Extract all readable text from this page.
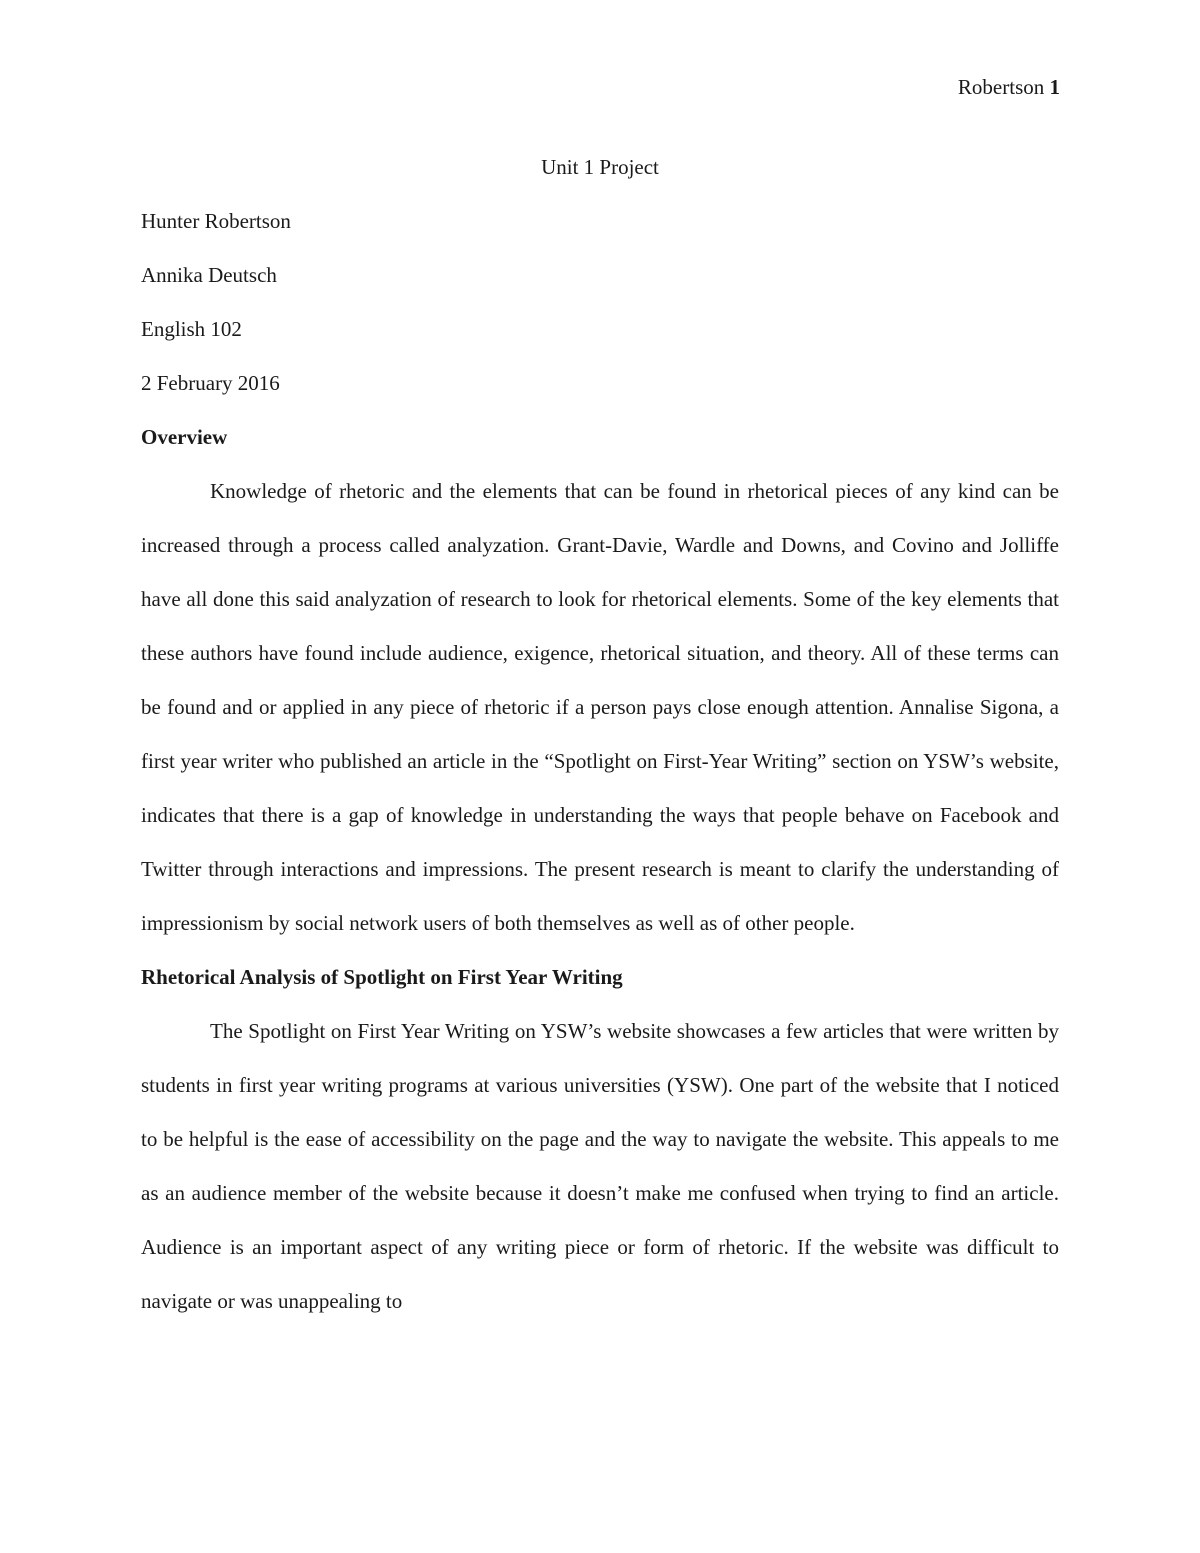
Robertson 1
Unit 1 Project
Hunter Robertson
Annika Deutsch
English 102
2 February 2016
Overview

Knowledge of rhetoric and the elements that can be found in rhetorical pieces of any kind can be increased through a process called analyzation. Grant-Davie, Wardle and Downs, and Covino and Jolliffe have all done this said analyzation of research to look for rhetorical elements. Some of the key elements that these authors have found include audience, exigence, rhetorical situation, and theory. All of these terms can be found and or applied in any piece of rhetoric if a person pays close enough attention. Annalise Sigona, a first year writer who published an article in the “Spotlight on First-Year Writing” section on YSW’s website, indicates that there is a gap of knowledge in understanding the ways that people behave on Facebook and Twitter through interactions and impressions. The present research is meant to clarify the understanding of impressionism by social network users of both themselves as well as of other people.

Rhetorical Analysis of Spotlight on First Year Writing

The Spotlight on First Year Writing on YSW’s website showcases a few articles that were written by students in first year writing programs at various universities (YSW). One part of the website that I noticed to be helpful is the ease of accessibility on the page and the way to navigate the website. This appeals to me as an audience member of the website because it doesn’t make me confused when trying to find an article. Audience is an important aspect of any writing piece or form of rhetoric. If the website was difficult to navigate or was unappealing to
